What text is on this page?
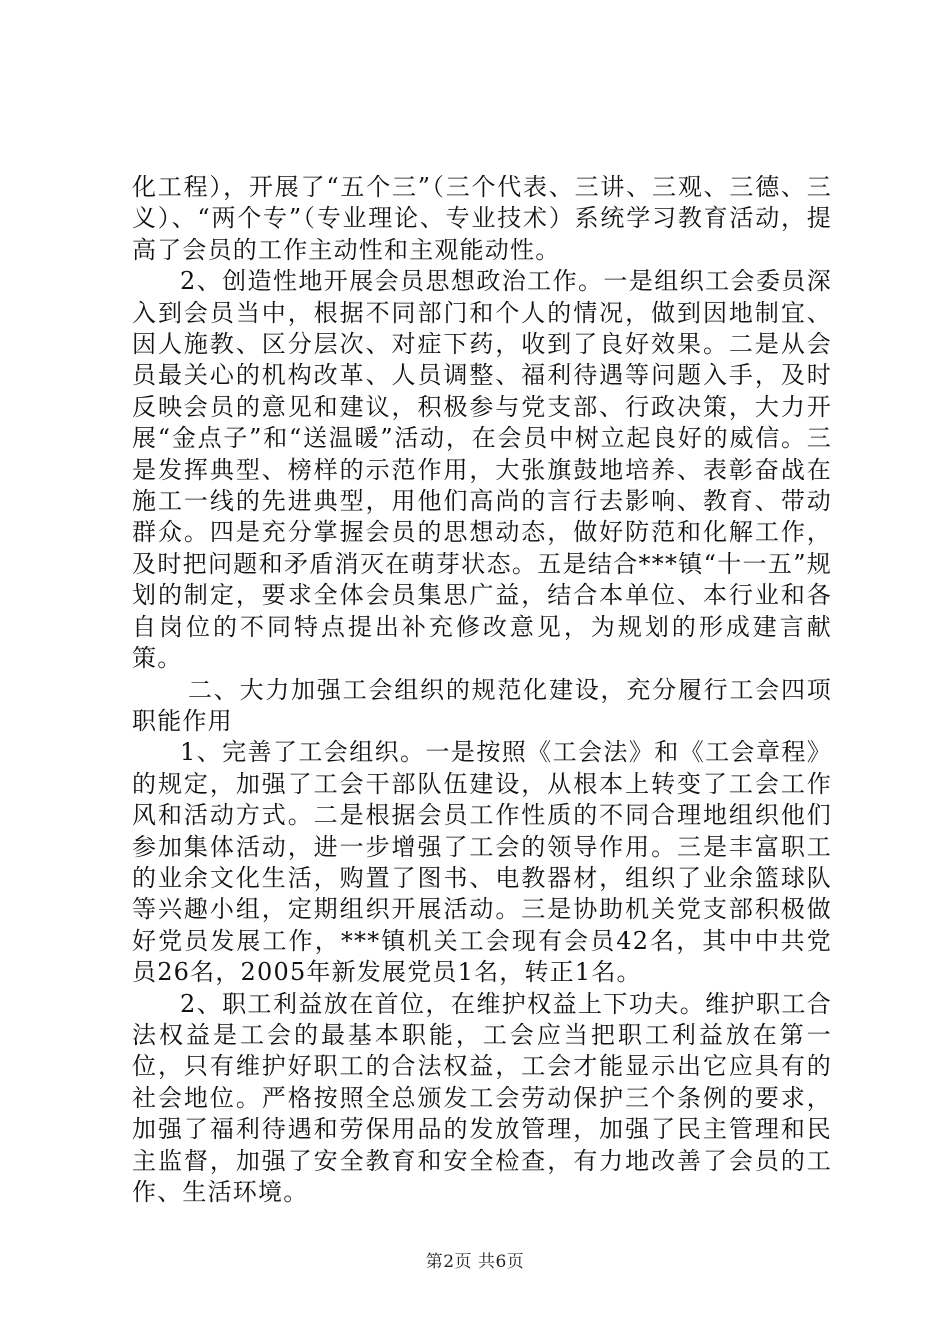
化工程），开展了“五个三”（三个代表、三讲、三观、三德、三义）、“两个专”（专业理论、专业技术）系统学习教育活动，提高了会员的工作主动性和主观能动性。

2、创造性地开展会员思想政治工作。一是组织工会委员深入到会员当中，根据不同部门和个人的情况，做到因地制宜、因人施教、区分层次、对症下药，收到了良好效果。二是从会员最关心的机构改革、人员调整、福利待遇等问题入手，及时反映会员的意见和建议，积极参与党支部、行政决策，大力开展“金点子”和“送温暖”活动，在会员中树立起良好的威信。三是发挥典型、榜样的示范作用，大张旗鼓地培养、表彰奋战在施工一线的先进典型，用他们高尚的言行去影响、教育、带动群众。四是充分掌握会员的思想动态，做好防范和化解工作，及时把问题和矛盾消灭在萌芽状态。五是结合***镇“十一五”规划的制定，要求全体会员集思广益，结合本单位、本行业和各自岗位的不同特点提出补充修改意见，为规划的形成建言献策。

二、大力加强工会组织的规范化建设，充分履行工会四项职能作用

1、完善了工会组织。一是按照《工会法》和《工会章程》的规定，加强了工会干部队伍建设，从根本上转变了工会工作风和活动方式。二是根据会员工作性质的不同合理地组织他们参加集体活动，进一步增强了工会的领导作用。三是丰富职工的业余文化生活，购置了图书、电教器材，组织了业余篮球队等兴趣小组，定期组织开展活动。三是协助机关党支部积极做好党员发展工作，***镇机关工会现有会员42名，其中中共党员26名，2005年新发展党员1名，转正1名。

2、职工利益放在首位，在维护权益上下功夫。维护职工合法权益是工会的最基本职能，工会应当把职工利益放在第一位，只有维护好职工的合法权益，工会才能显示出它应具有的社会地位。严格按照全总颁发工会劳动保护三个条例的要求，加强了福利待遇和劳保用品的发放管理，加强了民主管理和民主监督，加强了安全教育和安全检查，有力地改善了会员的工作、生活环境。

第2页 共6页
